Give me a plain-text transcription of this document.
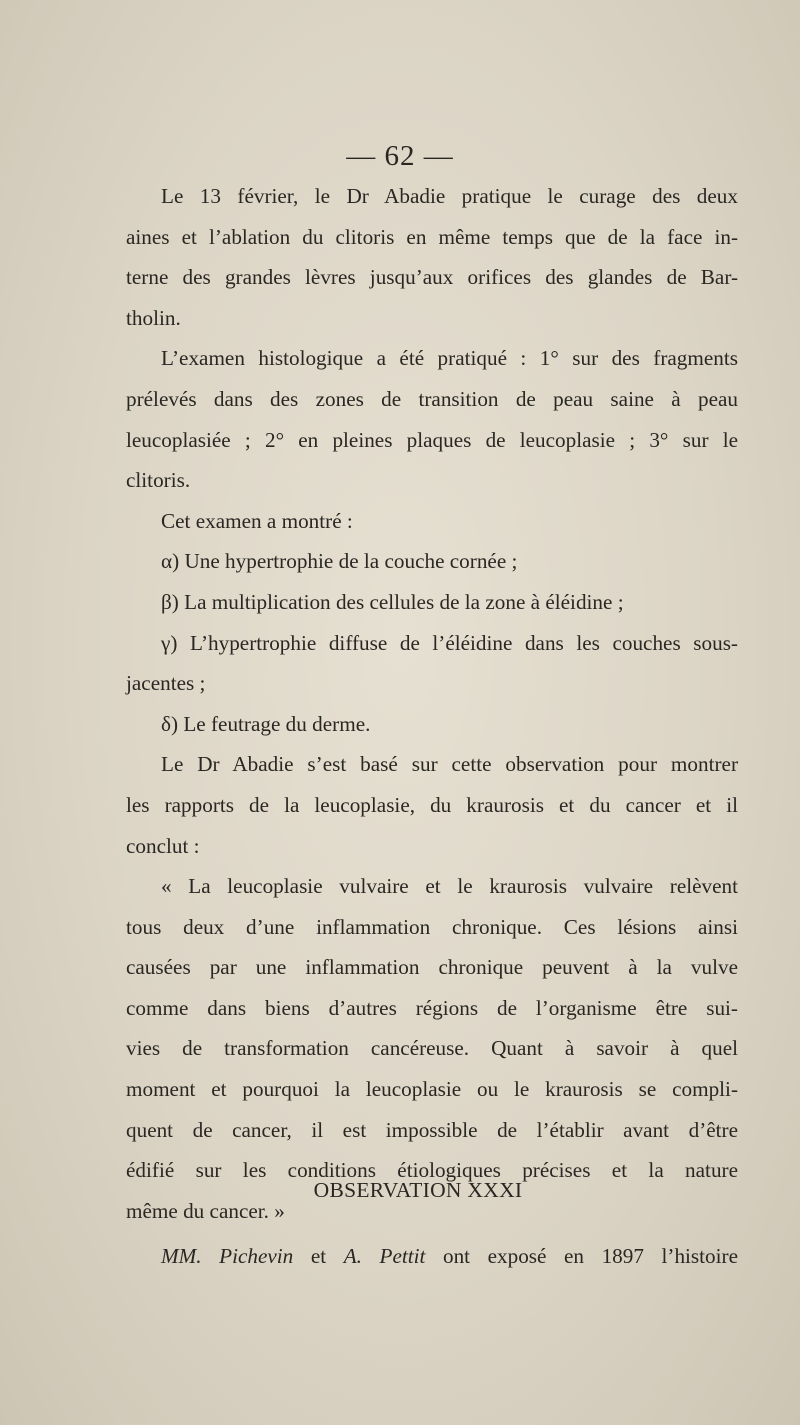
— 62 —
Le 13 février, le Dr Abadie pratique le curage des deux
aines et l’ablation du clitoris en même temps que de la face in-
terne des grandes lèvres jusqu’aux orifices des glandes de Bar-
tholin.
L’examen histologique a été pratiqué : 1° sur des fragments
prélevés dans des zones de transition de peau saine à peau
leucoplasiée ; 2° en pleines plaques de leucoplasie ; 3° sur le
clitoris.
Cet examen a montré :
α) Une hypertrophie de la couche cornée ;
β) La multiplication des cellules de la zone à éléidine ;
γ) L’hypertrophie diffuse de l’éléidine dans les couches sous-
jacentes ;
δ) Le feutrage du derme.
Le Dr Abadie s’est basé sur cette observation pour montrer
les rapports de la leucoplasie, du kraurosis et du cancer et il
conclut :
« La leucoplasie vulvaire et le kraurosis vulvaire relèvent
tous deux d’une inflammation chronique. Ces lésions ainsi
causées par une inflammation chronique peuvent à la vulve
comme dans biens d’autres régions de l’organisme être sui-
vies de transformation cancéreuse. Quant à savoir à quel
moment et pourquoi la leucoplasie ou le kraurosis se compli-
quent de cancer, il est impossible de l’établir avant d’être
édifié sur les conditions étiologiques précises et la nature
même du cancer. »
OBSERVATION XXXI
MM. Pichevin et A. Pettit ont exposé en 1897 l’histoire
